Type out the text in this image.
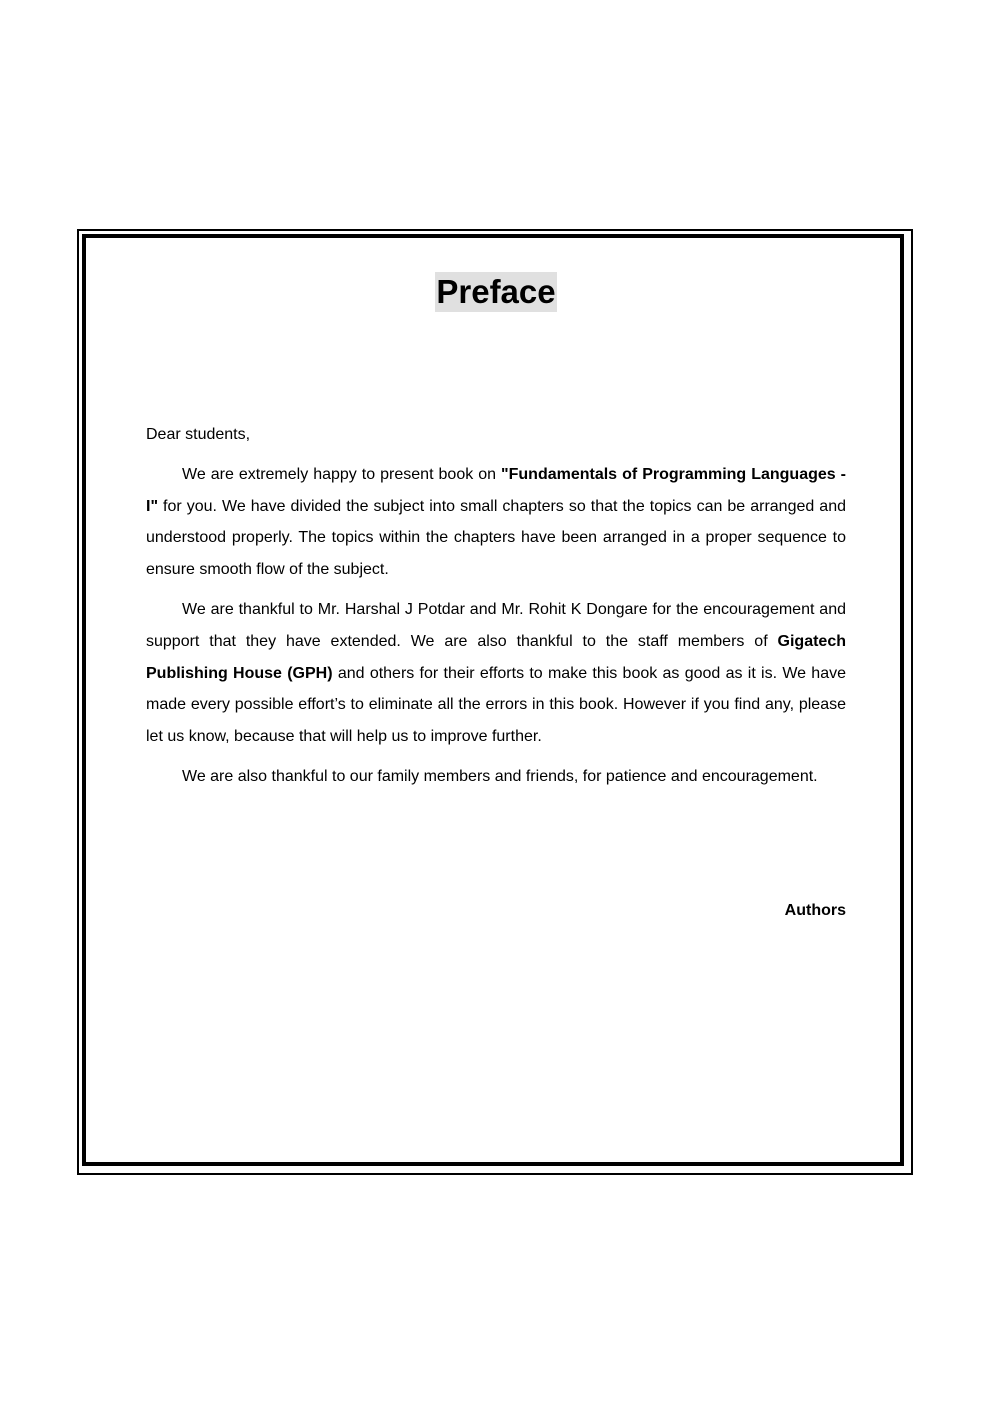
Preface

Dear students,

We are extremely happy to present book on "Fundamentals of Programming Languages - I" for you. We have divided the subject into small chapters so that the topics can be arranged and understood properly. The topics within the chapters have been arranged in a proper sequence to ensure smooth flow of the subject.

We are thankful to Mr. Harshal J Potdar and Mr. Rohit K Dongare for the encouragement and support that they have extended. We are also thankful to the staff members of Gigatech Publishing House (GPH) and others for their efforts to make this book as good as it is. We have made every possible effort’s to eliminate all the errors in this book. However if you find any, please let us know, because that will help us to improve further.

We are also thankful to our family members and friends, for patience and encouragement.

Authors
